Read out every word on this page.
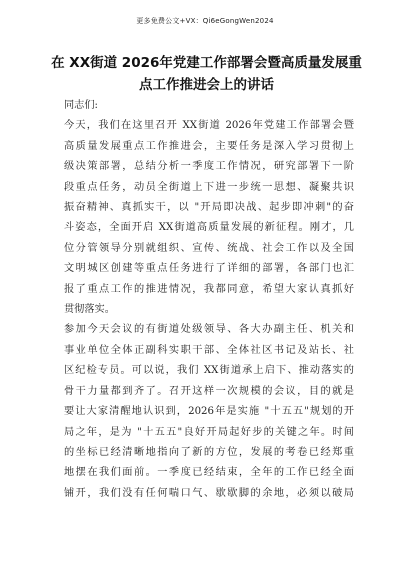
更多免费公文+VX：Qi6eGongWen2024
在 XX街道 2026年党建工作部署会暨高质量发展重
点工作推进会上的讲话
同志们:
今天，我们在这里召开 XX街道 2026年党建工作部署会暨
高质量发展重点工作推进会，主要任务是深入学习贯彻上
级决策部署，总结分析一季度工作情况，研究部署下一阶
段重点任务，动员全街道上下进一步统一思想、凝聚共识
振奋精神、真抓实干，以 "开局即决战、起步即冲刺"的奋
斗姿态，全面开启 XX街道高质量发展的新征程。刚才，几
位分管领导分别就组织、宣传、统战、社会工作以及全国
文明城区创建等重点任务进行了详细的部署，各部门也汇
报了重点工作的推进情况，我都同意，希望大家认真抓好
贯彻落实。
参加今天会议的有街道处级领导、各大办副主任、机关和
事业单位全体正副科实职干部、全体社区书记及站长、社
区纪检专员。可以说，我们 XX街道承上启下、推动落实的
骨干力量都到齐了。召开这样一次规模的会议，目的就是
要让大家清醒地认识到，2026年是实施 "十五五"规划的开
局之年，是为 "十五五"良好开局起好步的关键之年。时间
的坐标已经清晰地指向了新的方位，发展的考卷已经郑重
地摆在我们面前。一季度已经结束，全年的工作已经全面
铺开，我们没有任何喘口气、歇歇脚的余地，必须以破局
